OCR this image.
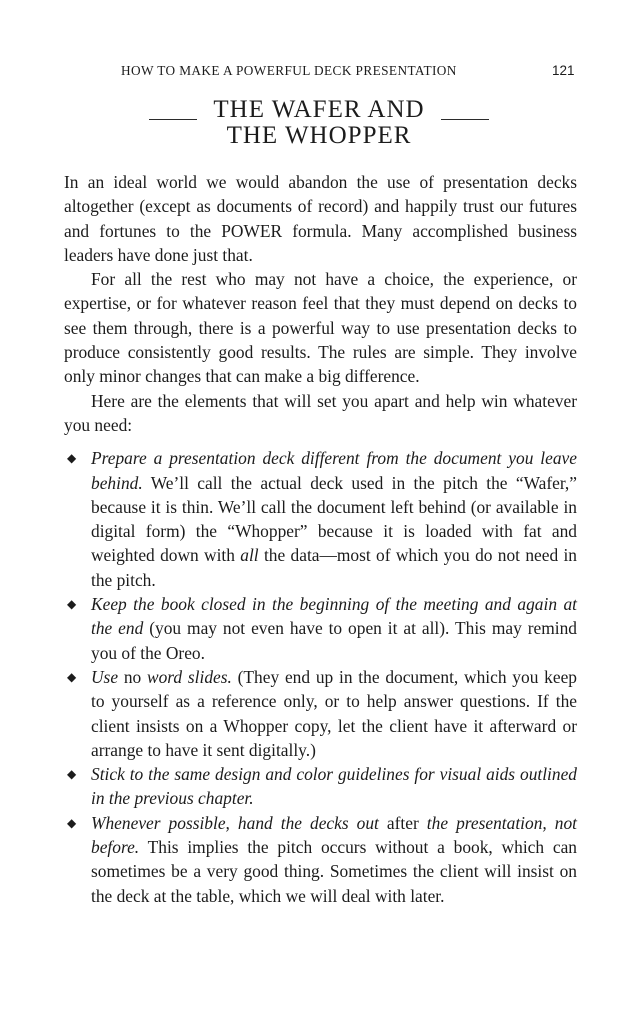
HOW TO MAKE A POWERFUL DECK PRESENTATION	121
THE WAFER AND
THE WHOPPER

In an ideal world we would abandon the use of presentation decks altogether (except as documents of record) and happily trust our futures and fortunes to the POWER formula. Many accomplished business leaders have done just that.

For all the rest who may not have a choice, the experience, or expertise, or for whatever reason feel that they must depend on decks to see them through, there is a powerful way to use presentation decks to produce consistently good results. The rules are simple. They involve only minor changes that can make a big difference.

Here are the elements that will set you apart and help win whatever you need:

◆ Prepare a presentation deck different from the document you leave behind. We’ll call the actual deck used in the pitch the “Wafer,” because it is thin. We’ll call the document left behind (or available in digital form) the “Whopper” because it is loaded with fat and weighted down with all the data—most of which you do not need in the pitch.

◆ Keep the book closed in the beginning of the meeting and again at the end (you may not even have to open it at all). This may remind you of the Oreo.

◆ Use no word slides. (They end up in the document, which you keep to yourself as a reference only, or to help answer questions. If the client insists on a Whopper copy, let the client have it afterward or arrange to have it sent digitally.)

◆ Stick to the same design and color guidelines for visual aids outlined in the previous chapter.

◆ Whenever possible, hand the decks out after the presentation, not before. This implies the pitch occurs without a book, which can sometimes be a very good thing. Sometimes the client will insist on the deck at the table, which we will deal with later.
